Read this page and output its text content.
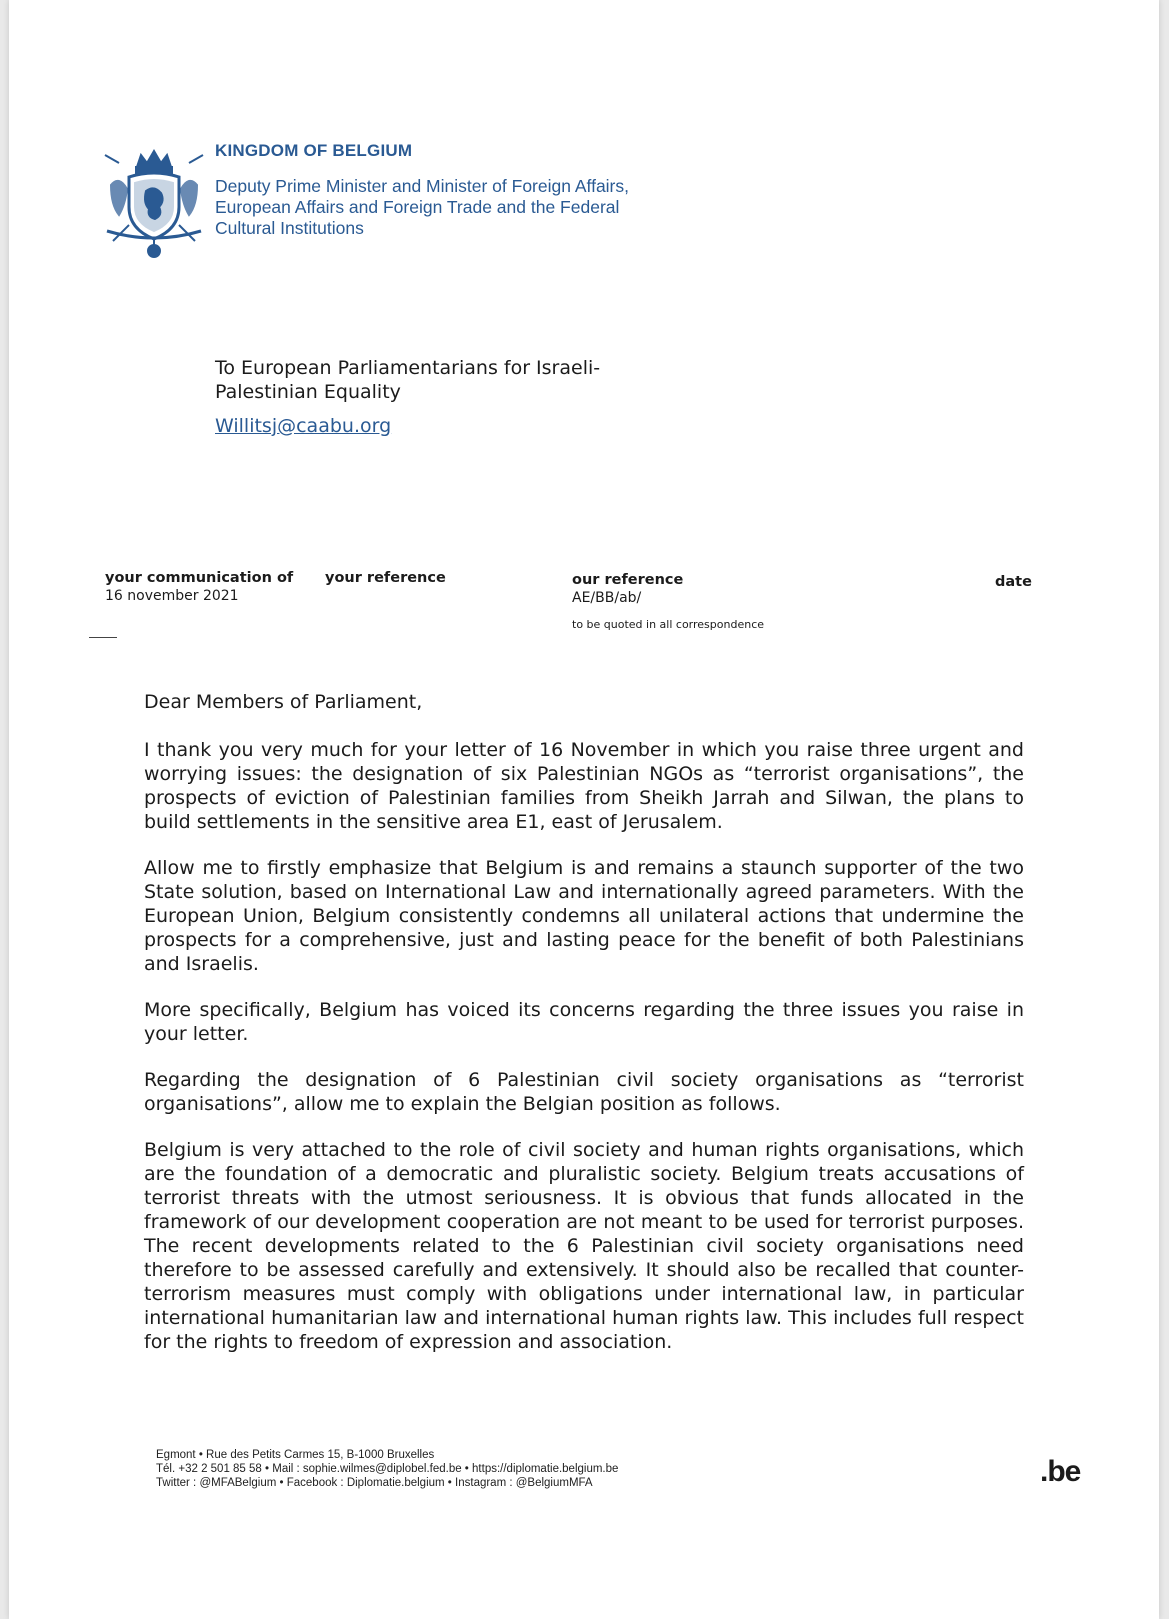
KINGDOM OF BELGIUM
Deputy Prime Minister and Minister of Foreign Affairs,
European Affairs and Foreign Trade and the Federal
Cultural Institutions
To European Parliamentarians for Israeli-
Palestinian Equality
Willitsj@caabu.org
your communication of
16 november 2021
your reference	our reference
AE/BB/ab/
to be quoted in all correspondence
date

Dear Members of Parliament,

I thank you very much for your letter of 16 November in which you raise three urgent and worrying issues: the designation of six Palestinian NGOs as “terrorist organisations”, the prospects of eviction of Palestinian families from Sheikh Jarrah and Silwan, the plans to build settlements in the sensitive area E1, east of Jerusalem.

Allow me to firstly emphasize that Belgium is and remains a staunch supporter of the two State solution, based on International Law and internationally agreed parameters. With the European Union, Belgium consistently condemns all unilateral actions that undermine the prospects for a comprehensive, just and lasting peace for the benefit of both Palestinians and Israelis.

More specifically, Belgium has voiced its concerns regarding the three issues you raise in your letter.

Regarding the designation of 6 Palestinian civil society organisations as “terrorist organisations”, allow me to explain the Belgian position as follows.

Belgium is very attached to the role of civil society and human rights organisations, which are the foundation of a democratic and pluralistic society. Belgium treats accusations of terrorist threats with the utmost seriousness. It is obvious that funds allocated in the framework of our development cooperation are not meant to be used for terrorist purposes. The recent developments related to the 6 Palestinian civil society organisations need therefore to be assessed carefully and extensively. It should also be recalled that counter-terrorism measures must comply with obligations under international law, in particular international humanitarian law and international human rights law. This includes full respect for the rights to freedom of expression and association.

Egmont • Rue des Petits Carmes 15, B-1000 Bruxelles
Tél. +32 2 501 85 58 • Mail : sophie.wilmes@diplobel.fed.be • https://diplomatie.belgium.be
Twitter : @MFABelgium • Facebook : Diplomatie.belgium • Instagram : @BelgiumMFA	.be
